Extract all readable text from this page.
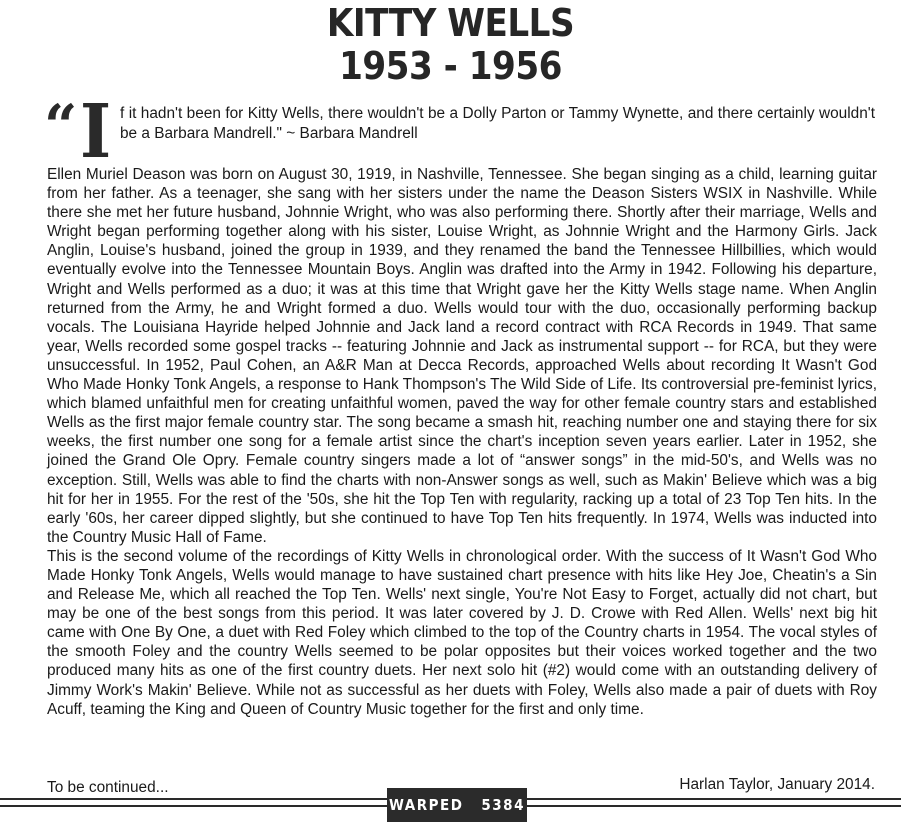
KITTY WELLS
1953 - 1956
“ I f it hadn't been for Kitty Wells, there wouldn't be a Dolly Parton or Tammy Wynette, and there certainly wouldn't be a Barbara Mandrell." ~ Barbara Mandrell

Ellen Muriel Deason was born on August 30, 1919, in Nashville, Tennessee. She began singing as a child, learning guitar from her father. As a teenager, she sang with her sisters under the name the Deason Sisters WSIX in Nashville. While there she met her future husband, Johnnie Wright, who was also performing there. Shortly after their marriage, Wells and Wright began performing together along with his sister, Louise Wright, as Johnnie Wright and the Harmony Girls. Jack Anglin, Louise's husband, joined the group in 1939, and they renamed the band the Tennessee Hillbillies, which would eventually evolve into the Tennessee Mountain Boys. Anglin was drafted into the Army in 1942. Following his departure, Wright and Wells performed as a duo; it was at this time that Wright gave her the Kitty Wells stage name. When Anglin returned from the Army, he and Wright formed a duo. Wells would tour with the duo, occasionally performing backup vocals. The Louisiana Hayride helped Johnnie and Jack land a record contract with RCA Records in 1949. That same year, Wells recorded some gospel tracks -- featuring Johnnie and Jack as instrumental support -- for RCA, but they were unsuccessful. In 1952, Paul Cohen, an A&R Man at Decca Records, approached Wells about recording It Wasn't God Who Made Honky Tonk Angels, a response to Hank Thompson's The Wild Side of Life. Its controversial pre-feminist lyrics, which blamed unfaithful men for creating unfaithful women, paved the way for other female country stars and established Wells as the first major female country star. The song became a smash hit, reaching number one and staying there for six weeks, the first number one song for a female artist since the chart's inception seven years earlier. Later in 1952, she joined the Grand Ole Opry. Female country singers made a lot of “answer songs” in the mid-50's, and Wells was no exception. Still, Wells was able to find the charts with non-Answer songs as well, such as Makin' Believe which was a big hit for her in 1955. For the rest of the '50s, she hit the Top Ten with regularity, racking up a total of 23 Top Ten hits. In the early '60s, her career dipped slightly, but she continued to have Top Ten hits frequently. In 1974, Wells was inducted into the Country Music Hall of Fame.

This is the second volume of the recordings of Kitty Wells in chronological order. With the success of It Wasn't God Who Made Honky Tonk Angels, Wells would manage to have sustained chart presence with hits like Hey Joe, Cheatin's a Sin and Release Me, which all reached the Top Ten. Wells' next single, You're Not Easy to Forget, actually did not chart, but may be one of the best songs from this period. It was later covered by J. D. Crowe with Red Allen. Wells' next big hit came with One By One, a duet with Red Foley which climbed to the top of the Country charts in 1954. The vocal styles of the smooth Foley and the country Wells seemed to be polar opposites but their voices worked together and the two produced many hits as one of the first country duets. Her next solo hit (#2) would come with an outstanding delivery of Jimmy Work's Makin' Believe. While not as successful as her duets with Foley, Wells also made a pair of duets with Roy Acuff, teaming the King and Queen of Country Music together for the first and only time.

To be continued...	Harlan Taylor, January 2014.
WARPED 5384
